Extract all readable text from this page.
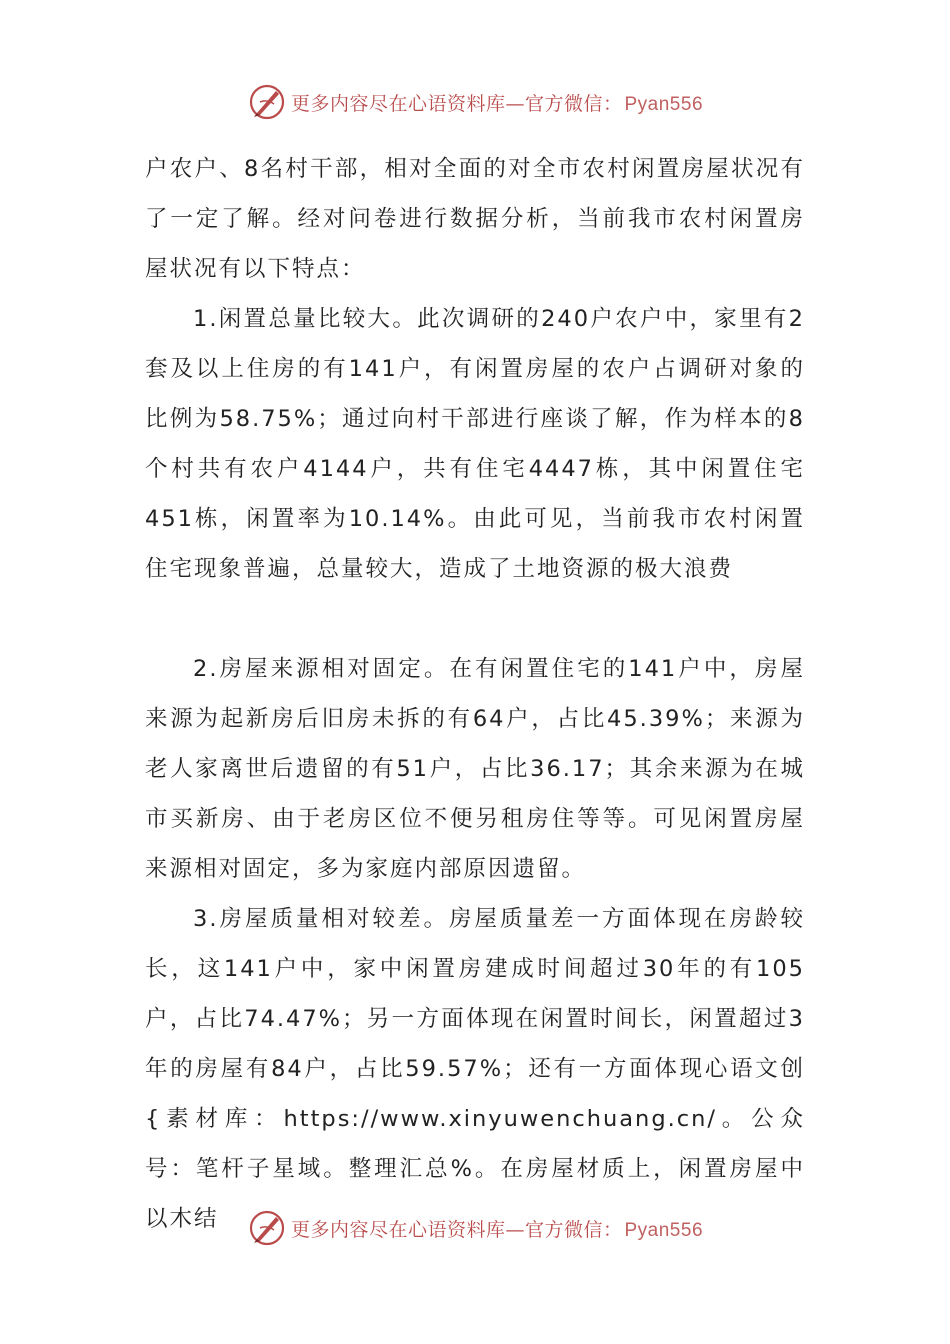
更多内容尽在心语资料库—官方微信： Pyan556

户农户、8名村干部，相对全面的对全市农村闲置房屋状况有了一定了解。经对问卷进行数据分析，当前我市农村闲置房屋状况有以下特点：

1.闲置总量比较大。此次调研的240户农户中，家里有2套及以上住房的有141户，有闲置房屋的农户占调研对象的比例为58.75%；通过向村干部进行座谈了解，作为样本的8个村共有农户4144户，共有住宅4447栋，其中闲置住宅451栋，闲置率为10.14%。由此可见，当前我市农村闲置住宅现象普遍，总量较大，造成了土地资源的极大浪费

2.房屋来源相对固定。在有闲置住宅的141户中，房屋来源为起新房后旧房未拆的有64户，占比45.39%；来源为老人家离世后遗留的有51户，占比36.17；其余来源为在城市买新房、由于老房区位不便另租房住等等。可见闲置房屋来源相对固定，多为家庭内部原因遗留。

3.房屋质量相对较差。房屋质量差一方面体现在房龄较长，这141户中，家中闲置房建成时间超过30年的有105户，占比74.47%；另一方面体现在闲置时间长，闲置超过3年的房屋有84户，占比59.57%；还有一方面体现心语文创{素材库：https://www.xinyuwenchuang.cn/。公众号：笔杆子星域。整理汇总%。在房屋材质上，闲置房屋中以木结	更多内容尽在心语资料库—官方微信： Pyan556
